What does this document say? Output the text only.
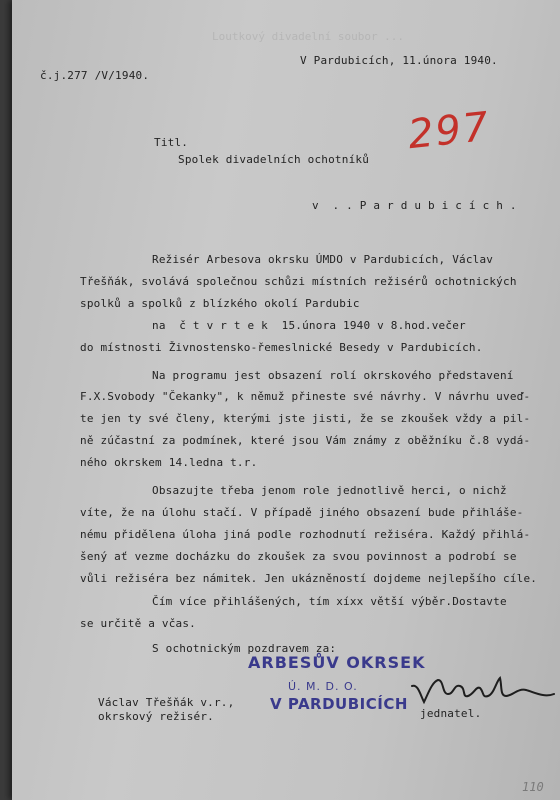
Loutkový divadelní soubor ...
V Pardubicích, 11.února 1940.
č.j.277 /V/1940.
297
Titl.
Spolek divadelních ochotníků
v  . . P a r d u b i c í c h .
Režisér Arbesova okrsku ÚMDO v Pardubicích, Václav
Třešňák, svolává společnou schůzi místních režisérů ochotnických
spolků a spolků z blízkého okolí Pardubic
na  č t v r t e k  15.února 1940 v 8.hod.večer
do místnosti Živnostensko-řemeslnické Besedy v Pardubicích.
Na programu jest obsazení rolí okrskového představení
F.X.Svobody "Čekanky", k němuž přineste své návrhy. V návrhu uveď-
te jen ty své členy, kterými jste jisti, že se zkoušek vždy a pil-
ně zúčastní za podmínek, které jsou Vám známy z oběžníku č.8 vydá-
ného okrskem 14.ledna t.r.
Obsazujte třeba jenom role jednotlivě herci, o nichž
víte, že na úlohu stačí. V případě jiného obsazení bude přihláše-
nému přidělena úloha jiná podle rozhodnutí režiséra. Každý přihlá-
šený ať vezme docházku do zkoušek za svou povinnost a podrobí se
vůli režiséra bez námitek. Jen ukázněností dojdeme nejlepšího cíle.
Čím více přihlášených, tím xíxx větší výběr.Dostavte
se určitě a včas.
S ochotnickým pozdravem za:
ARBESŮV OKRSEK
Ú. M. D. O.
V PARDUBICÍCH
Václav Třešňák v.r.,
okrskový režisér.	jednatel.
110
